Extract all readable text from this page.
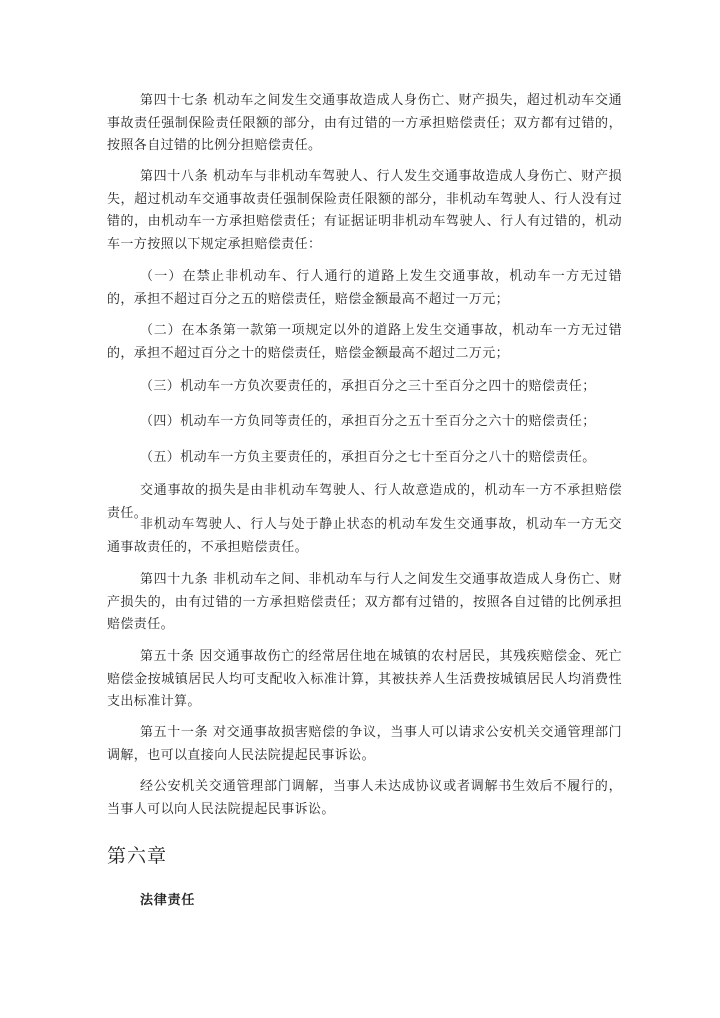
第四十七条 机动车之间发生交通事故造成人身伤亡、财产损失，超过机动车交通事故责任强制保险责任限额的部分，由有过错的一方承担赔偿责任；双方都有过错的，按照各自过错的比例分担赔偿责任。

第四十八条 机动车与非机动车驾驶人、行人发生交通事故造成人身伤亡、财产损失，超过机动车交通事故责任强制保险责任限额的部分，非机动车驾驶人、行人没有过错的，由机动车一方承担赔偿责任；有证据证明非机动车驾驶人、行人有过错的，机动车一方按照以下规定承担赔偿责任：

（一）在禁止非机动车、行人通行的道路上发生交通事故，机动车一方无过错的，承担不超过百分之五的赔偿责任，赔偿金额最高不超过一万元；

（二）在本条第一款第一项规定以外的道路上发生交通事故，机动车一方无过错的，承担不超过百分之十的赔偿责任，赔偿金额最高不超过二万元；

（三）机动车一方负次要责任的，承担百分之三十至百分之四十的赔偿责任；

（四）机动车一方负同等责任的，承担百分之五十至百分之六十的赔偿责任；

（五）机动车一方负主要责任的，承担百分之七十至百分之八十的赔偿责任。

交通事故的损失是由非机动车驾驶人、行人故意造成的，机动车一方不承担赔偿责任。

非机动车驾驶人、行人与处于静止状态的机动车发生交通事故，机动车一方无交通事故责任的，不承担赔偿责任。

第四十九条 非机动车之间、非机动车与行人之间发生交通事故造成人身伤亡、财产损失的，由有过错的一方承担赔偿责任；双方都有过错的，按照各自过错的比例承担赔偿责任。

第五十条 因交通事故伤亡的经常居住地在城镇的农村居民，其残疾赔偿金、死亡赔偿金按城镇居民人均可支配收入标准计算，其被扶养人生活费按城镇居民人均消费性支出标准计算。

第五十一条 对交通事故损害赔偿的争议，当事人可以请求公安机关交通管理部门调解，也可以直接向人民法院提起民事诉讼。

经公安机关交通管理部门调解，当事人未达成协议或者调解书生效后不履行的，当事人可以向人民法院提起民事诉讼。

第六章
法律责任
